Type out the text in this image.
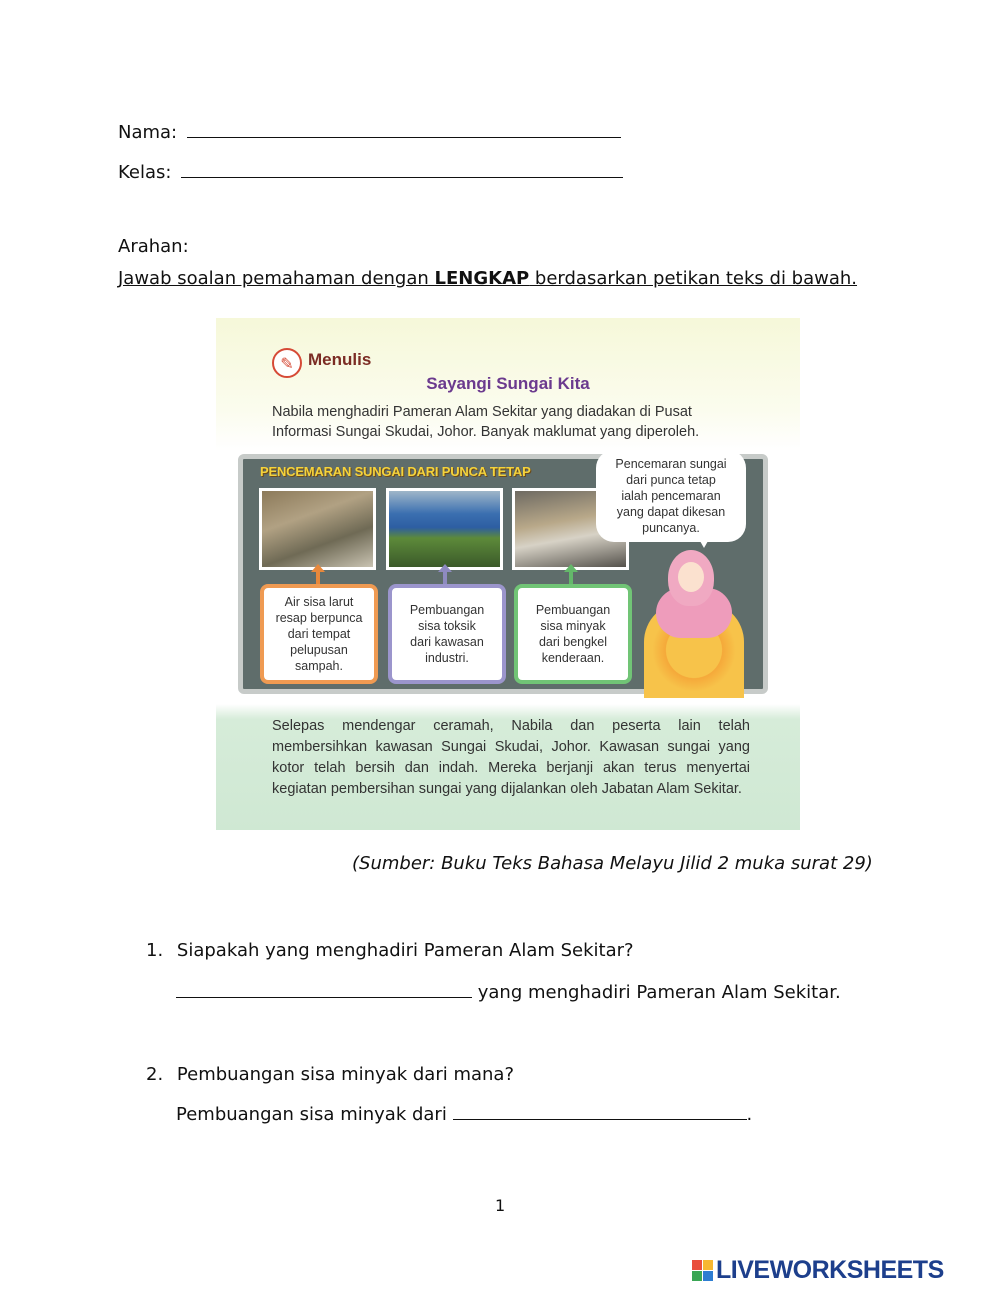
Nama:
Kelas:
Arahan:
Jawab soalan pemahaman dengan LENGKAP berdasarkan petikan teks di bawah.
✎ Menulis
Sayangi Sungai Kita
Nabila menghadiri Pameran Alam Sekitar yang diadakan di Pusat Informasi Sungai Skudai, Johor. Banyak maklumat yang diperoleh.
PENCEMARAN SUNGAI DARI PUNCA TETAP
Air sisa larut
resap berpunca
dari tempat
pelupusan
sampah.
Pembuangan
sisa toksik
dari kawasan
industri.
Pembuangan
sisa minyak
dari bengkel
kenderaan.
Pencemaran sungai
dari punca tetap
ialah pencemaran
yang dapat dikesan
puncanya.
Selepas mendengar ceramah, Nabila dan peserta lain telah membersihkan kawasan Sungai Skudai, Johor. Kawasan sungai yang kotor telah bersih dan indah. Mereka berjanji akan terus menyertai kegiatan pembersihan sungai yang dijalankan oleh Jabatan Alam Sekitar.
(Sumber: Buku Teks Bahasa Melayu Jilid 2 muka surat 29)
1. Siapakah yang menghadiri Pameran Alam Sekitar?
yang menghadiri Pameran Alam Sekitar.
2. Pembuangan sisa minyak dari mana?
Pembuangan sisa minyak dari	.
1
LIVEWORKSHEETS
